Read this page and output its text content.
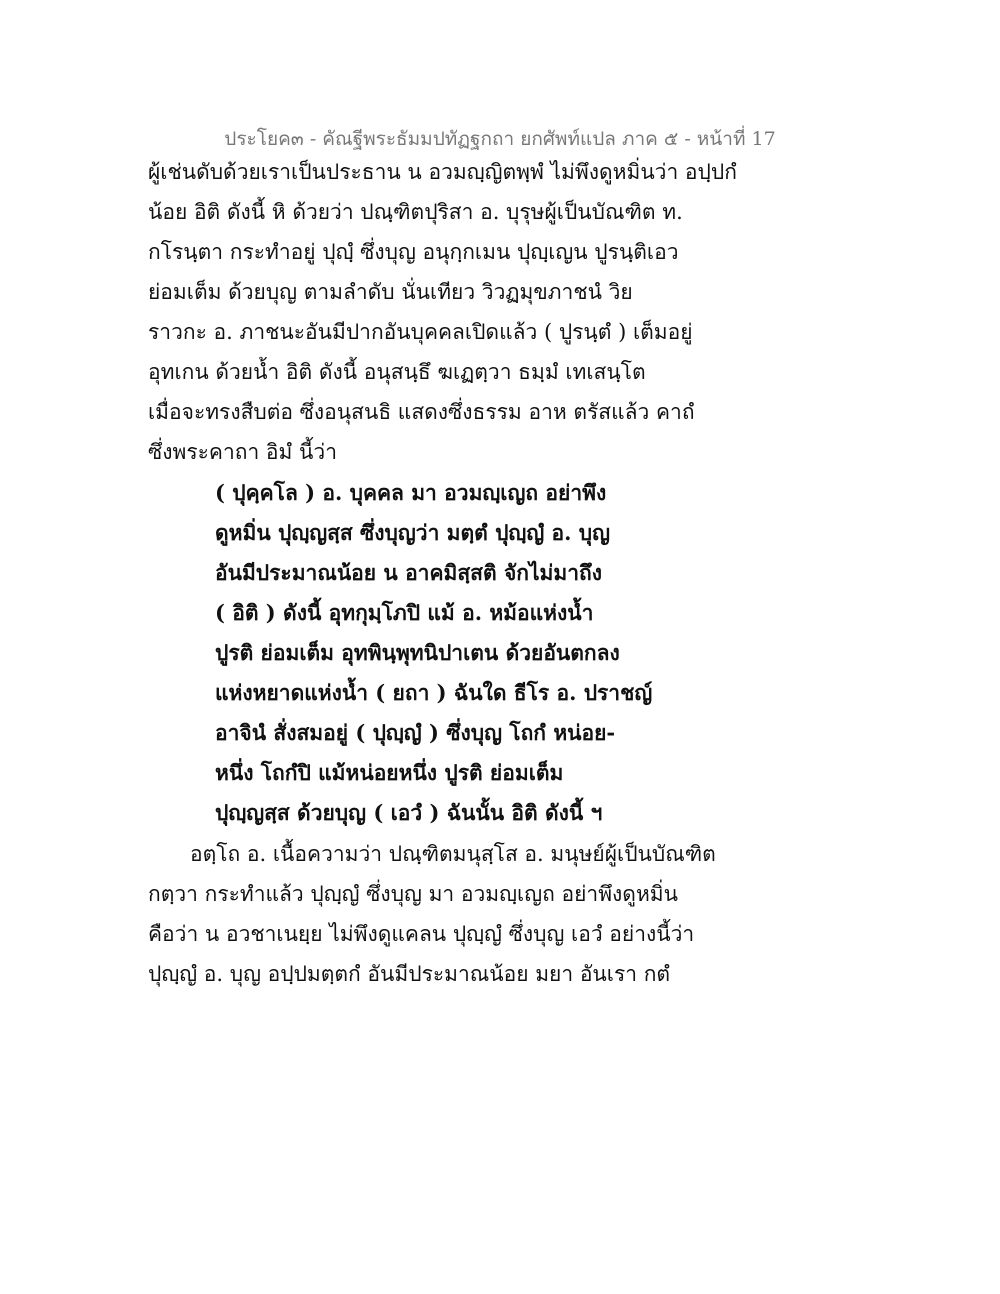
ประโยค๓ - คัณฐีพระธัมมปทัฏฐกถา ยกศัพท์แปล ภาค ๕ - หน้าที่ 17
ผู้เช่นดับด้วยเราเป็นประธาน น อวมญฺญิตพฺพํ ไม่พึงดูหมิ่นว่า อปฺปกํ
น้อย อิติ ดังนี้ หิ ด้วยว่า ปณฺฑิตปุริสา อ. บุรุษผู้เป็นบัณฑิต ท.
กโรนฺตา กระทำอยู่ ปุญฺํ ซึ่งบุญ อนุกฺกเมน ปุญฺเญน ปูรนฺติเอว
ย่อมเต็ม ด้วยบุญ ตามลำดับ นั่นเทียว วิวฏมุขภาชนํ วิย
ราวกะ อ. ภาชนะอันมีปากอันบุคคลเปิดแล้ว ( ปูรนฺตํ ) เต็มอยู่
อุทเกน ด้วยน้ำ อิติ ดังนี้ อนุสนฺธึ ฆเฏตฺวา ธมฺมํ เทเสนฺโต
เมื่อจะทรงสืบต่อ ซึ่งอนุสนธิ แสดงซึ่งธรรม อาห ตรัสแล้ว คาถํ
ซึ่งพระคาถา อิมํ นี้ว่า
( ปุคฺคโล ) อ. บุคคล มา อวมญฺเญถ อย่าพึง
ดูหมิ่น ปุญฺญสฺส ซึ่งบุญว่า มตฺตํ ปุญฺญํ อ. บุญ
อันมีประมาณน้อย น อาคมิสฺสติ จักไม่มาถึง
( อิติ ) ดังนี้ อุทกุมฺโภปิ แม้ อ. หม้อแห่งน้ำ
ปูรติ ย่อมเต็ม อุทพินฺพุทนิปาเตน ด้วยอันตกลง
แห่งหยาดแห่งน้ำ ( ยถา ) ฉันใด ธีโร อ. ปราชญ์
อาจินํ สั่งสมอยู่ ( ปุญฺญํ ) ซึ่งบุญ โถกํ หน่อย-
หนึ่ง โถกํปิ แม้หน่อยหนึ่ง ปูรติ ย่อมเต็ม
ปุญฺญสฺส ด้วยบุญ ( เอวํ ) ฉันนั้น อิติ ดังนี้ ฯ
อตฺโถ อ. เนื้อความว่า ปณฺฑิตมนุสฺโส อ. มนุษย์ผู้เป็นบัณฑิต
กตฺวา กระทำแล้ว ปุญฺญํ ซึ่งบุญ มา อวมญฺเญถ อย่าพึงดูหมิ่น
คือว่า น อวชาเนยฺย ไม่พึงดูแคลน ปุญฺญํ ซึ่งบุญ เอวํ อย่างนี้ว่า
ปุญฺญํ อ. บุญ อปฺปมตฺตกํ อันมีประมาณน้อย มยา อันเรา กตํ
